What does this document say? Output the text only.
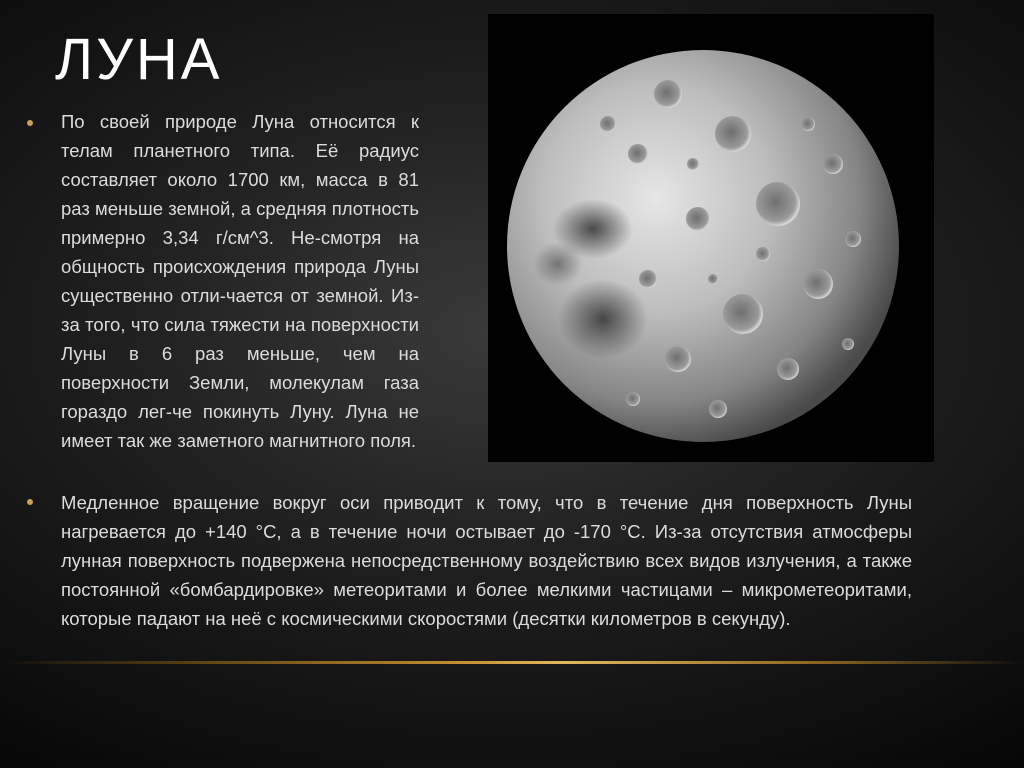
ЛУНА

По своей природе Луна относится к телам планетного типа. Её радиус составляет около 1700 км, масса в 81 раз меньше земной, а средняя плотность примерно 3,34 г/см^3. Не-смотря на общность происхождения природа Луны существенно отли-чается от земной. Из-за того, что сила тяжести на поверхности Луны в 6 раз меньше, чем на поверхности Земли, молекулам газа гораздо лег-че покинуть Луну. Луна не имеет так же заметного магнитного поля.

Медленное вращение вокруг оси приводит к тому, что в течение дня поверхность Луны нагревается до +140 °С, а в течение ночи остывает до -170 °С. Из-за отсутствия атмосферы лунная поверхность подвержена непосредственному воздействию всех видов излучения, а также постоянной «бомбардировке» метеоритами и более мелкими частицами – микрометеоритами, которые падают на неё с космическими скоростями (десятки километров в секунду).
